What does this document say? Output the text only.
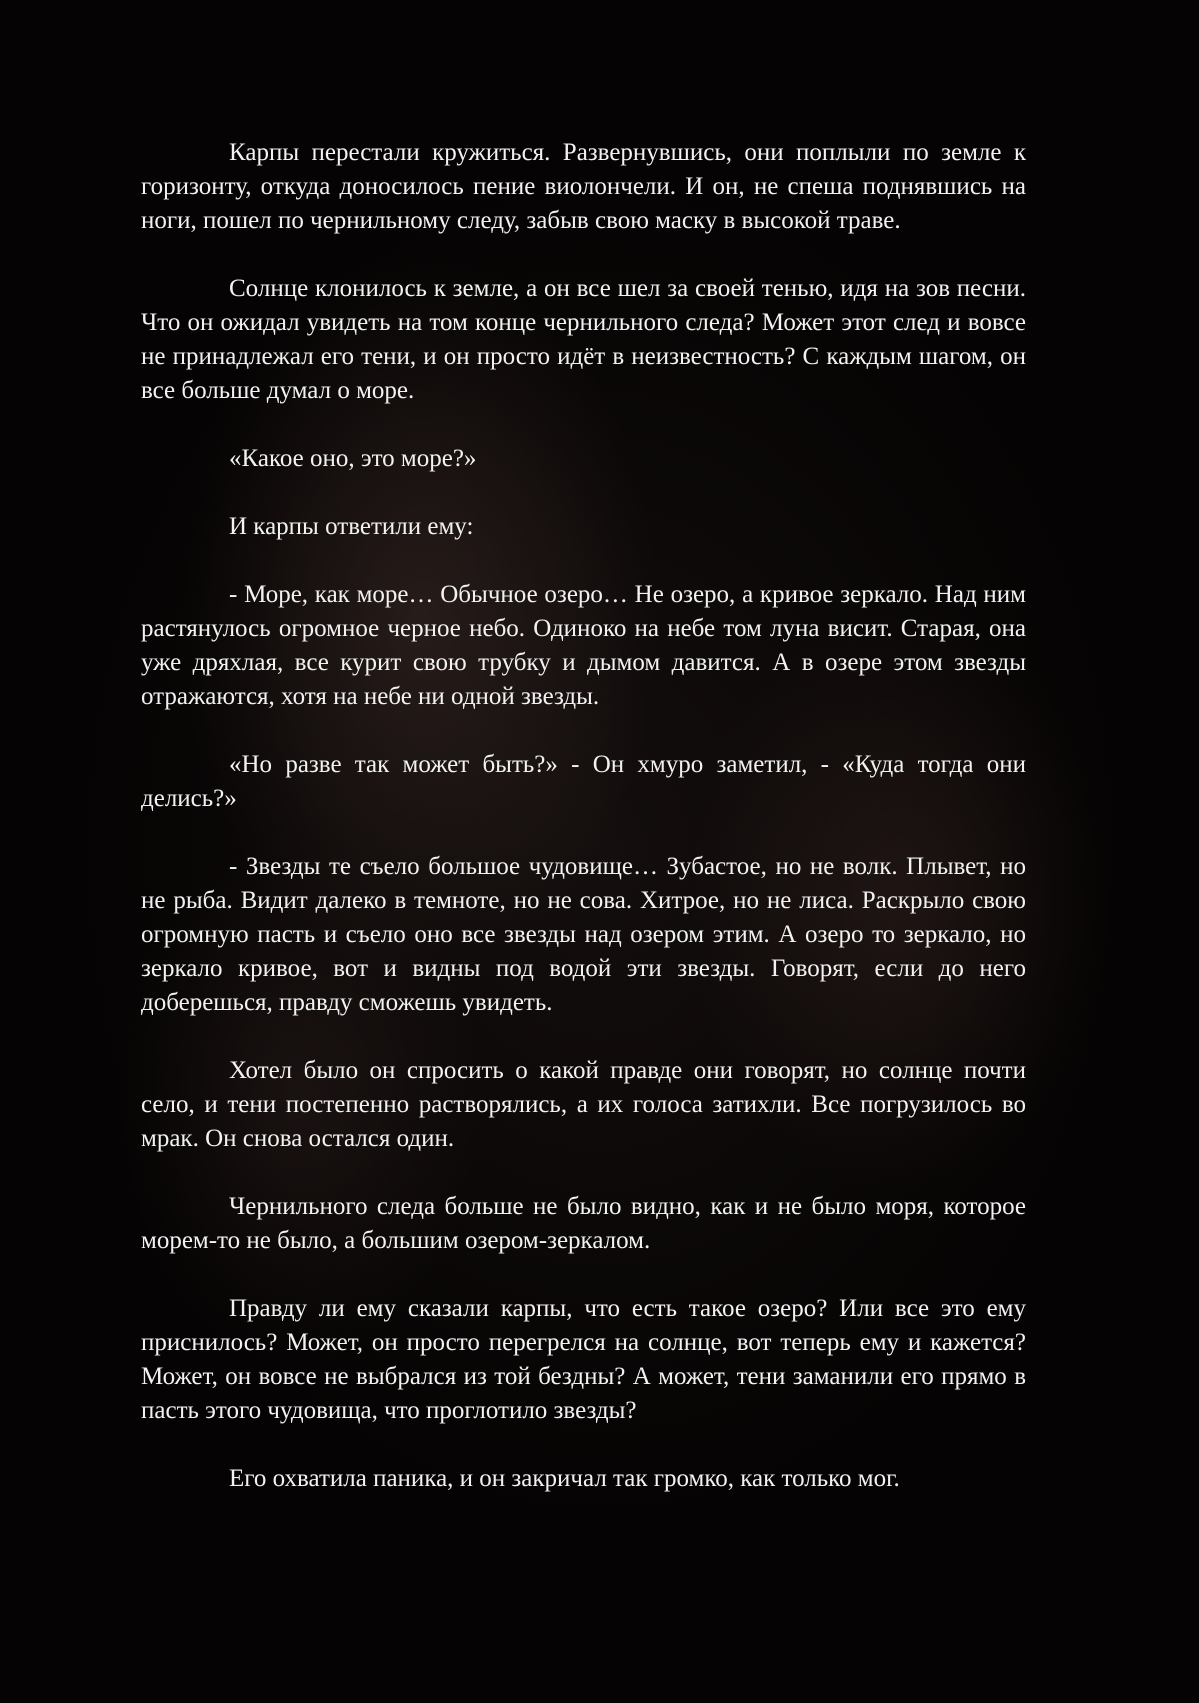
Карпы перестали кружиться. Развернувшись, они поплыли по земле к горизонту, откуда доносилось пение виолончели. И он, не спеша поднявшись на ноги, пошел по чернильному следу, забыв свою маску в высокой траве.

Солнце клонилось к земле, а он все шел за своей тенью, идя на зов песни. Что он ожидал увидеть на том конце чернильного следа? Может этот след и вовсе не принадлежал его тени, и он просто идёт в неизвестность? С каждым шагом, он все больше думал о море.

«Какое оно, это море?»

И карпы ответили ему:

- Море, как море… Обычное озеро… Не озеро, а кривое зеркало. Над ним растянулось огромное черное небо. Одиноко на небе том луна висит. Старая, она уже дряхлая, все курит свою трубку и дымом давится. А в озере этом звезды отражаются, хотя на небе ни одной звезды.

«Но разве так может быть?» - Он хмуро заметил, - «Куда тогда они делись?»

- Звезды те съело большое чудовище… Зубастое, но не волк. Плывет, но не рыба. Видит далеко в темноте, но не сова. Хитрое, но не лиса. Раскрыло свою огромную пасть и съело оно все звезды над озером этим. А озеро то зеркало, но зеркало кривое, вот и видны под водой эти звезды. Говорят, если до него доберешься, правду сможешь увидеть.

Хотел было он спросить о какой правде они говорят, но солнце почти село, и тени постепенно растворялись, а их голоса затихли. Все погрузилось во мрак. Он снова остался один.

Чернильного следа больше не было видно, как и не было моря, которое морем-то не было, а большим озером-зеркалом.

Правду ли ему сказали карпы, что есть такое озеро? Или все это ему приснилось? Может, он просто перегрелся на солнце, вот теперь ему и кажется? Может, он вовсе не выбрался из той бездны? А может, тени заманили его прямо в пасть этого чудовища, что проглотило звезды?

Его охватила паника, и он закричал так громко, как только мог.
